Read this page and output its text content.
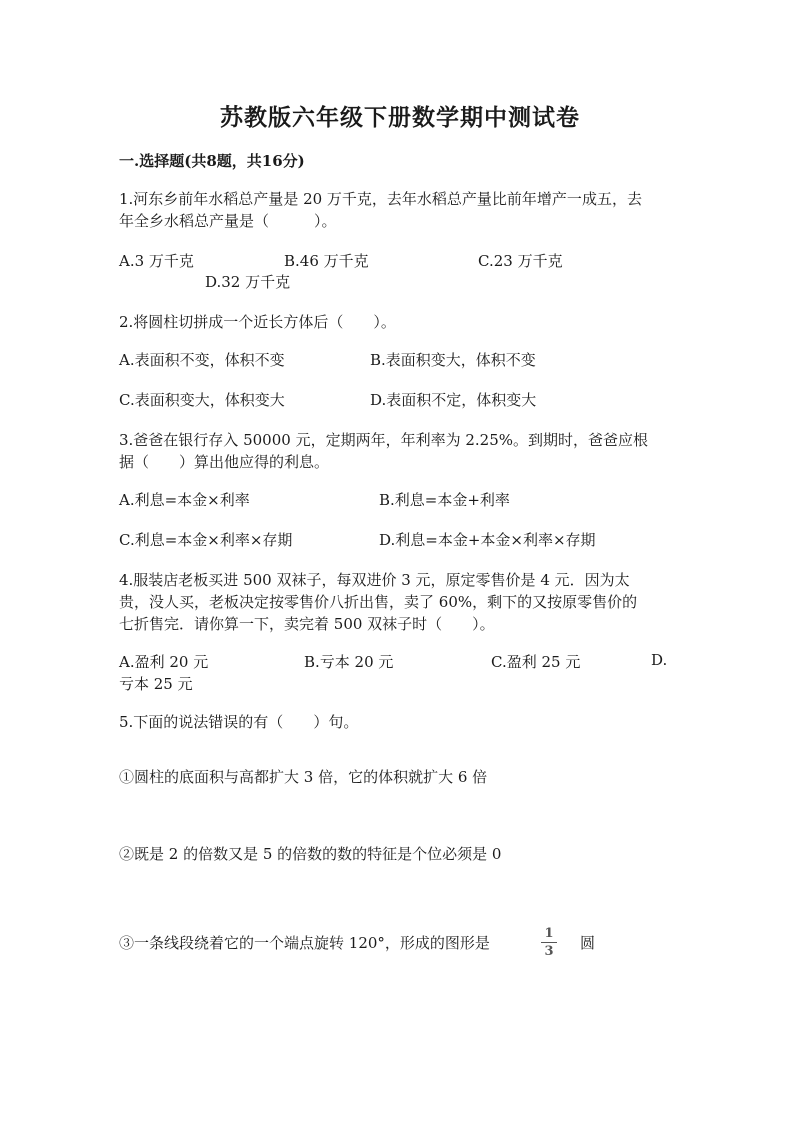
苏教版六年级下册数学期中测试卷
一.选择题(共8题，共16分)
1.河东乡前年水稻总产量是 20 万千克，去年水稻总产量比前年增产一成五，去
年全乡水稻总产量是（　　　）。
A.3 万千克	B.46 万千克	C.23 万千克
D.32 万千克
2.将圆柱切拼成一个近长方体后（　　）。
A.表面积不变，体积不变	B.表面积变大，体积不变
C.表面积变大，体积变大	D.表面积不定，体积变大
3.爸爸在银行存入 50000 元，定期两年，年利率为 2.25%。到期时，爸爸应根
据（　　）算出他应得的利息。
A.利息=本金×利率	B.利息=本金+利率
C.利息=本金×利率×存期	D.利息=本金+本金×利率×存期
4.服装店老板买进 500 双袜子，每双进价 3 元，原定零售价是 4 元．因为太
贵，没人买，老板决定按零售价八折出售，卖了 60%，剩下的又按原零售价的
七折售完．请你算一下，卖完着 500 双袜子时（　　）。
A.盈利 20 元	B.亏本 20 元	C.盈利 25 元	D.
亏本 25 元
5.下面的说法错误的有（　　）句。
①圆柱的底面积与高都扩大 3 倍，它的体积就扩大 6 倍
②既是 2 的倍数又是 5 的倍数的数的特征是个位必须是 0
③一条线段绕着它的一个端点旋转 120°，形成的图形是
1
3 圆
